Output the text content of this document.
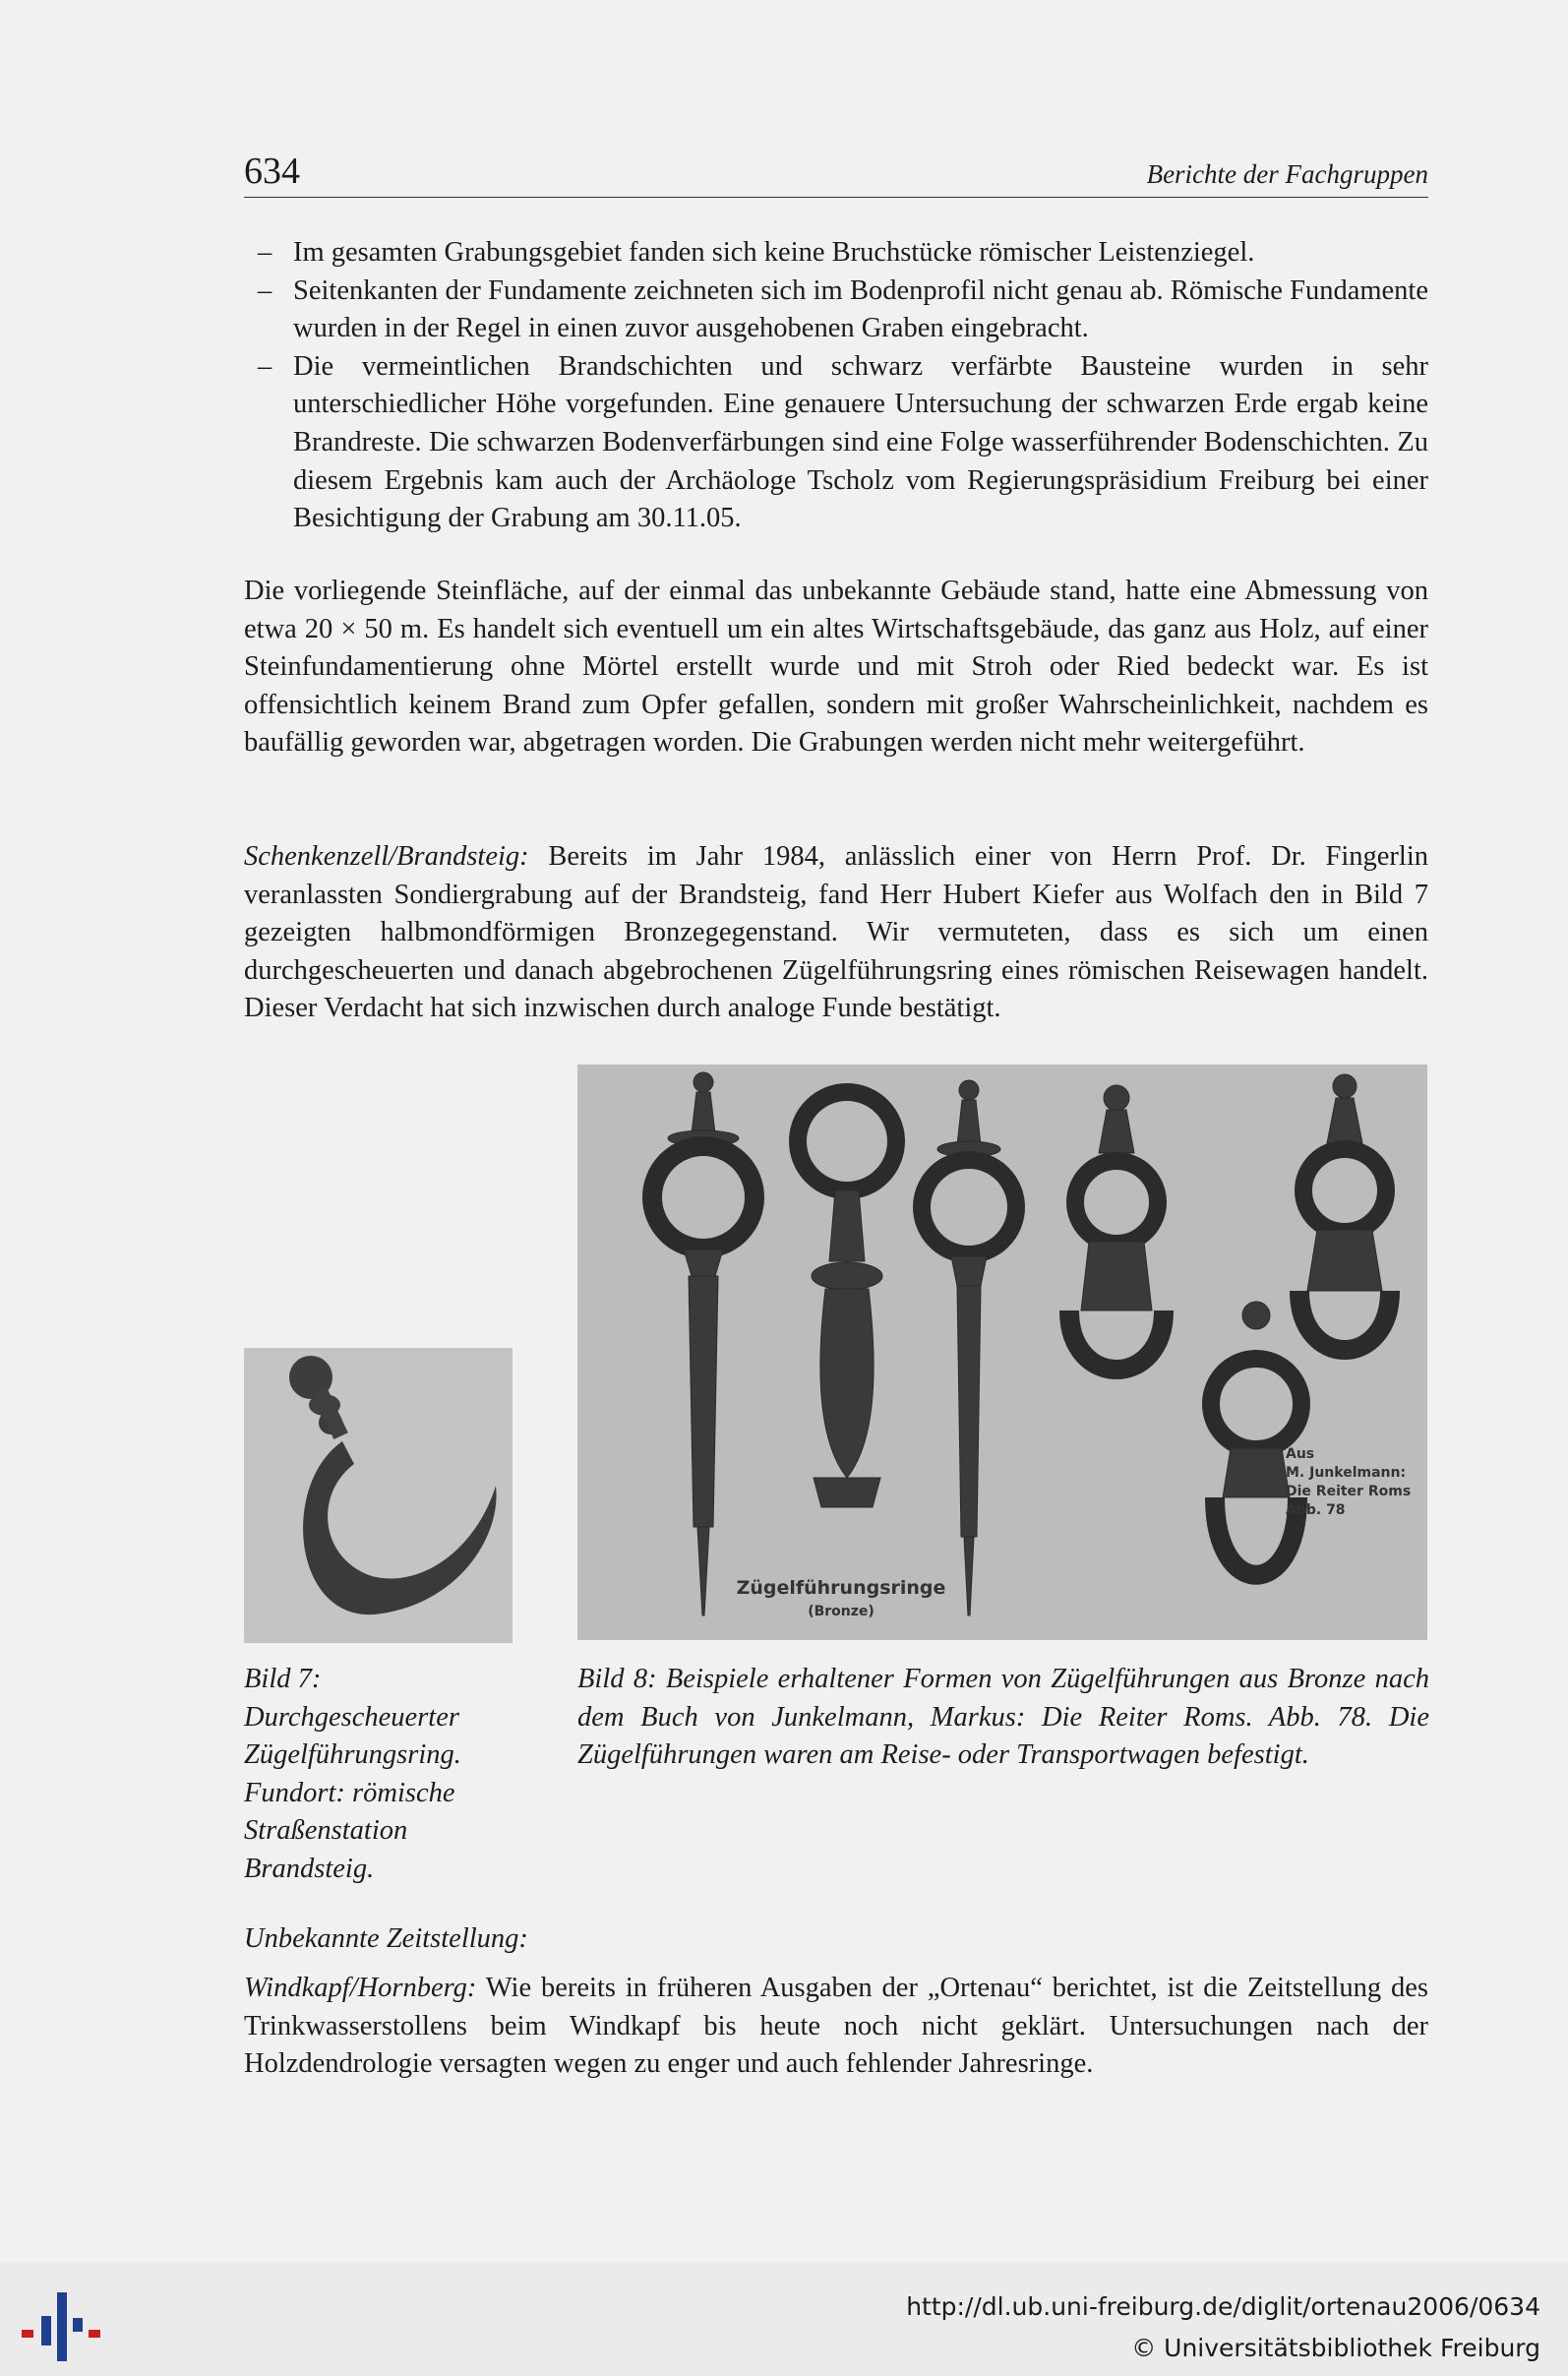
634	Berichte der Fachgruppen
– Im gesamten Grabungsgebiet fanden sich keine Bruchstücke römischer Leistenziegel.
– Seitenkanten der Fundamente zeichneten sich im Bodenprofil nicht genau ab. Römische Fundamente wurden in der Regel in einen zuvor ausgehobenen Graben eingebracht.
– Die vermeintlichen Brandschichten und schwarz verfärbte Bausteine wurden in sehr unterschiedlicher Höhe vorgefunden. Eine genauere Untersuchung der schwarzen Erde ergab keine Brandreste. Die schwarzen Bodenverfärbungen sind eine Folge wasserführender Bodenschichten. Zu diesem Ergebnis kam auch der Archäologe Tscholz vom Regierungspräsidium Freiburg bei einer Besichtigung der Grabung am 30.11.05.

Die vorliegende Steinfläche, auf der einmal das unbekannte Gebäude stand, hatte eine Abmessung von etwa 20 × 50 m. Es handelt sich eventuell um ein altes Wirtschaftsgebäude, das ganz aus Holz, auf einer Steinfundamentierung ohne Mörtel erstellt wurde und mit Stroh oder Ried bedeckt war. Es ist offensichtlich keinem Brand zum Opfer gefallen, sondern mit großer Wahrscheinlichkeit, nachdem es baufällig geworden war, abgetragen worden. Die Grabungen werden nicht mehr weitergeführt.

Schenkenzell/Brandsteig: Bereits im Jahr 1984, anlässlich einer von Herrn Prof. Dr. Fingerlin veranlassten Sondiergrabung auf der Brandsteig, fand Herr Hubert Kiefer aus Wolfach den in Bild 7 gezeigten halbmondförmigen Bronzegegenstand. Wir vermuteten, dass es sich um einen durchgescheuerten und danach abgebrochenen Zügelführungsring eines römischen Reisewagen handelt. Dieser Verdacht hat sich inzwischen durch analoge Funde bestätigt.

Zügelführungsringe
(Bronze)
Aus
M. Junkelmann:
Die Reiter Roms
Abb. 78
Bild 7: Durchgescheuerter Zügelführungsring. Fundort: römische Straßenstation Brandsteig.
Bild 8: Beispiele erhaltener Formen von Zügelführungen aus Bronze nach dem Buch von Junkelmann, Markus: Die Reiter Roms. Abb. 78. Die Zügelführungen waren am Reise- oder Transportwagen befestigt.

Unbekannte Zeitstellung:

Windkapf/Hornberg: Wie bereits in früheren Ausgaben der „Ortenau“ berichtet, ist die Zeitstellung des Trinkwasserstollens beim Windkapf bis heute noch nicht geklärt. Untersuchungen nach der Holzdendrologie versagten wegen zu enger und auch fehlender Jahresringe.

http://dl.ub.uni-freiburg.de/diglit/ortenau2006/0634
© Universitätsbibliothek Freiburg
